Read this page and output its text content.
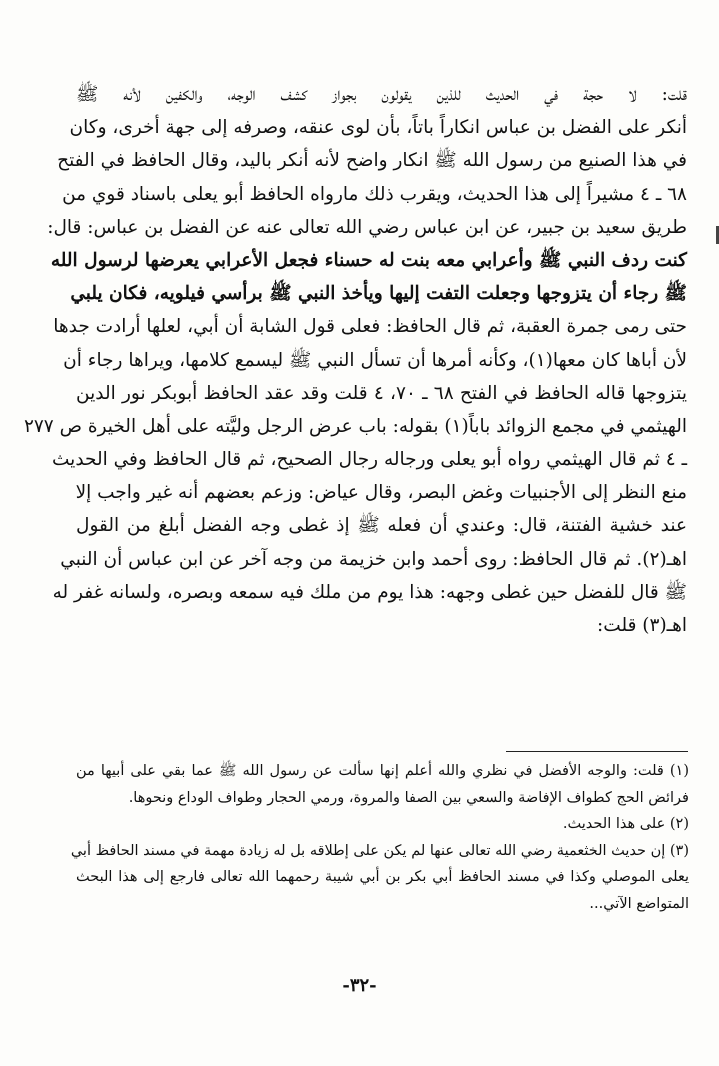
قلت: لا حجة في الحديث للذين يقولون بجواز كشف الوجه، والكفين لأنه ﷺ
أنكر على الفضل بن عباس انكاراً باتاً، بأن لوى عنقه، وصرفه إلى جهة أخرى، وكان
في هذا الصنيع من رسول الله ﷺ انكار واضح لأنه أنكر باليد، وقال الحافظ في الفتح
٦٨ ـ ٤ مشيراً إلى هذا الحديث، ويقرب ذلك مارواه الحافظ أبو يعلى باسناد قوي من
طريق سعيد بن جبير، عن ابن عباس رضي الله تعالى عنه عن الفضل بن عباس: قال:
كنت ردف النبي ﷺ وأعرابي معه بنت له حسناء فجعل الأعرابي يعرضها لرسول الله
ﷺ رجاء أن يتزوجها وجعلت التفت إليها ويأخذ النبي ﷺ برأسي فيلويه، فكان يلبي
حتى رمى جمرة العقبة، ثم قال الحافظ: فعلى قول الشابة أن أبي، لعلها أرادت جدها
لأن أباها كان معها(١)، وكأنه أمرها أن تسأل النبي ﷺ ليسمع كلامها، ويراها رجاء أن
يتزوجها قاله الحافظ في الفتح ٦٨ ـ ٧٠، ٤ قلت وقد عقد الحافظ أبوبكر نور الدين
الهيثمي في مجمع الزوائد باباً(١) بقوله: باب عرض الرجل وليَّته على أهل الخيرة ص ٢٧٧
ـ ٤ ثم قال الهيثمي رواه أبو يعلى ورجاله رجال الصحيح، ثم قال الحافظ وفي الحديث
منع النظر إلى الأجنبيات وغض البصر، وقال عياض: وزعم بعضهم أنه غير واجب إلا
عند خشية الفتنة، قال: وعندي أن فعله ﷺ إذ غطى وجه الفضل أبلغ من القول
اهـ(٢). ثم قال الحافظ: روى أحمد وابن خزيمة من وجه آخر عن ابن عباس أن النبي
ﷺ قال للفضل حين غطى وجهه: هذا يوم من ملك فيه سمعه وبصره، ولسانه غفر له
اهـ(٣) قلت:
(١) قلت: والوجه الأفضل في نظري والله أعلم إنها سألت عن رسول الله ﷺ عما بقي على أبيها من
فرائض الحج كطواف الإفاضة والسعي بين الصفا والمروة، ورمي الحجار وطواف الوداع ونحوها.
(٢) على هذا الحديث.
(٣) إن حديث الخثعمية رضي الله تعالى عنها لم يكن على إطلاقه بل له زيادة مهمة في مسند الحافظ أبي
يعلى الموصلي وكذا في مسند الحافظ أبي بكر بن أبي شيبة رحمهما الله تعالى فارجع إلى هذا البحث
المتواضع الآتي...
-٣٢-
